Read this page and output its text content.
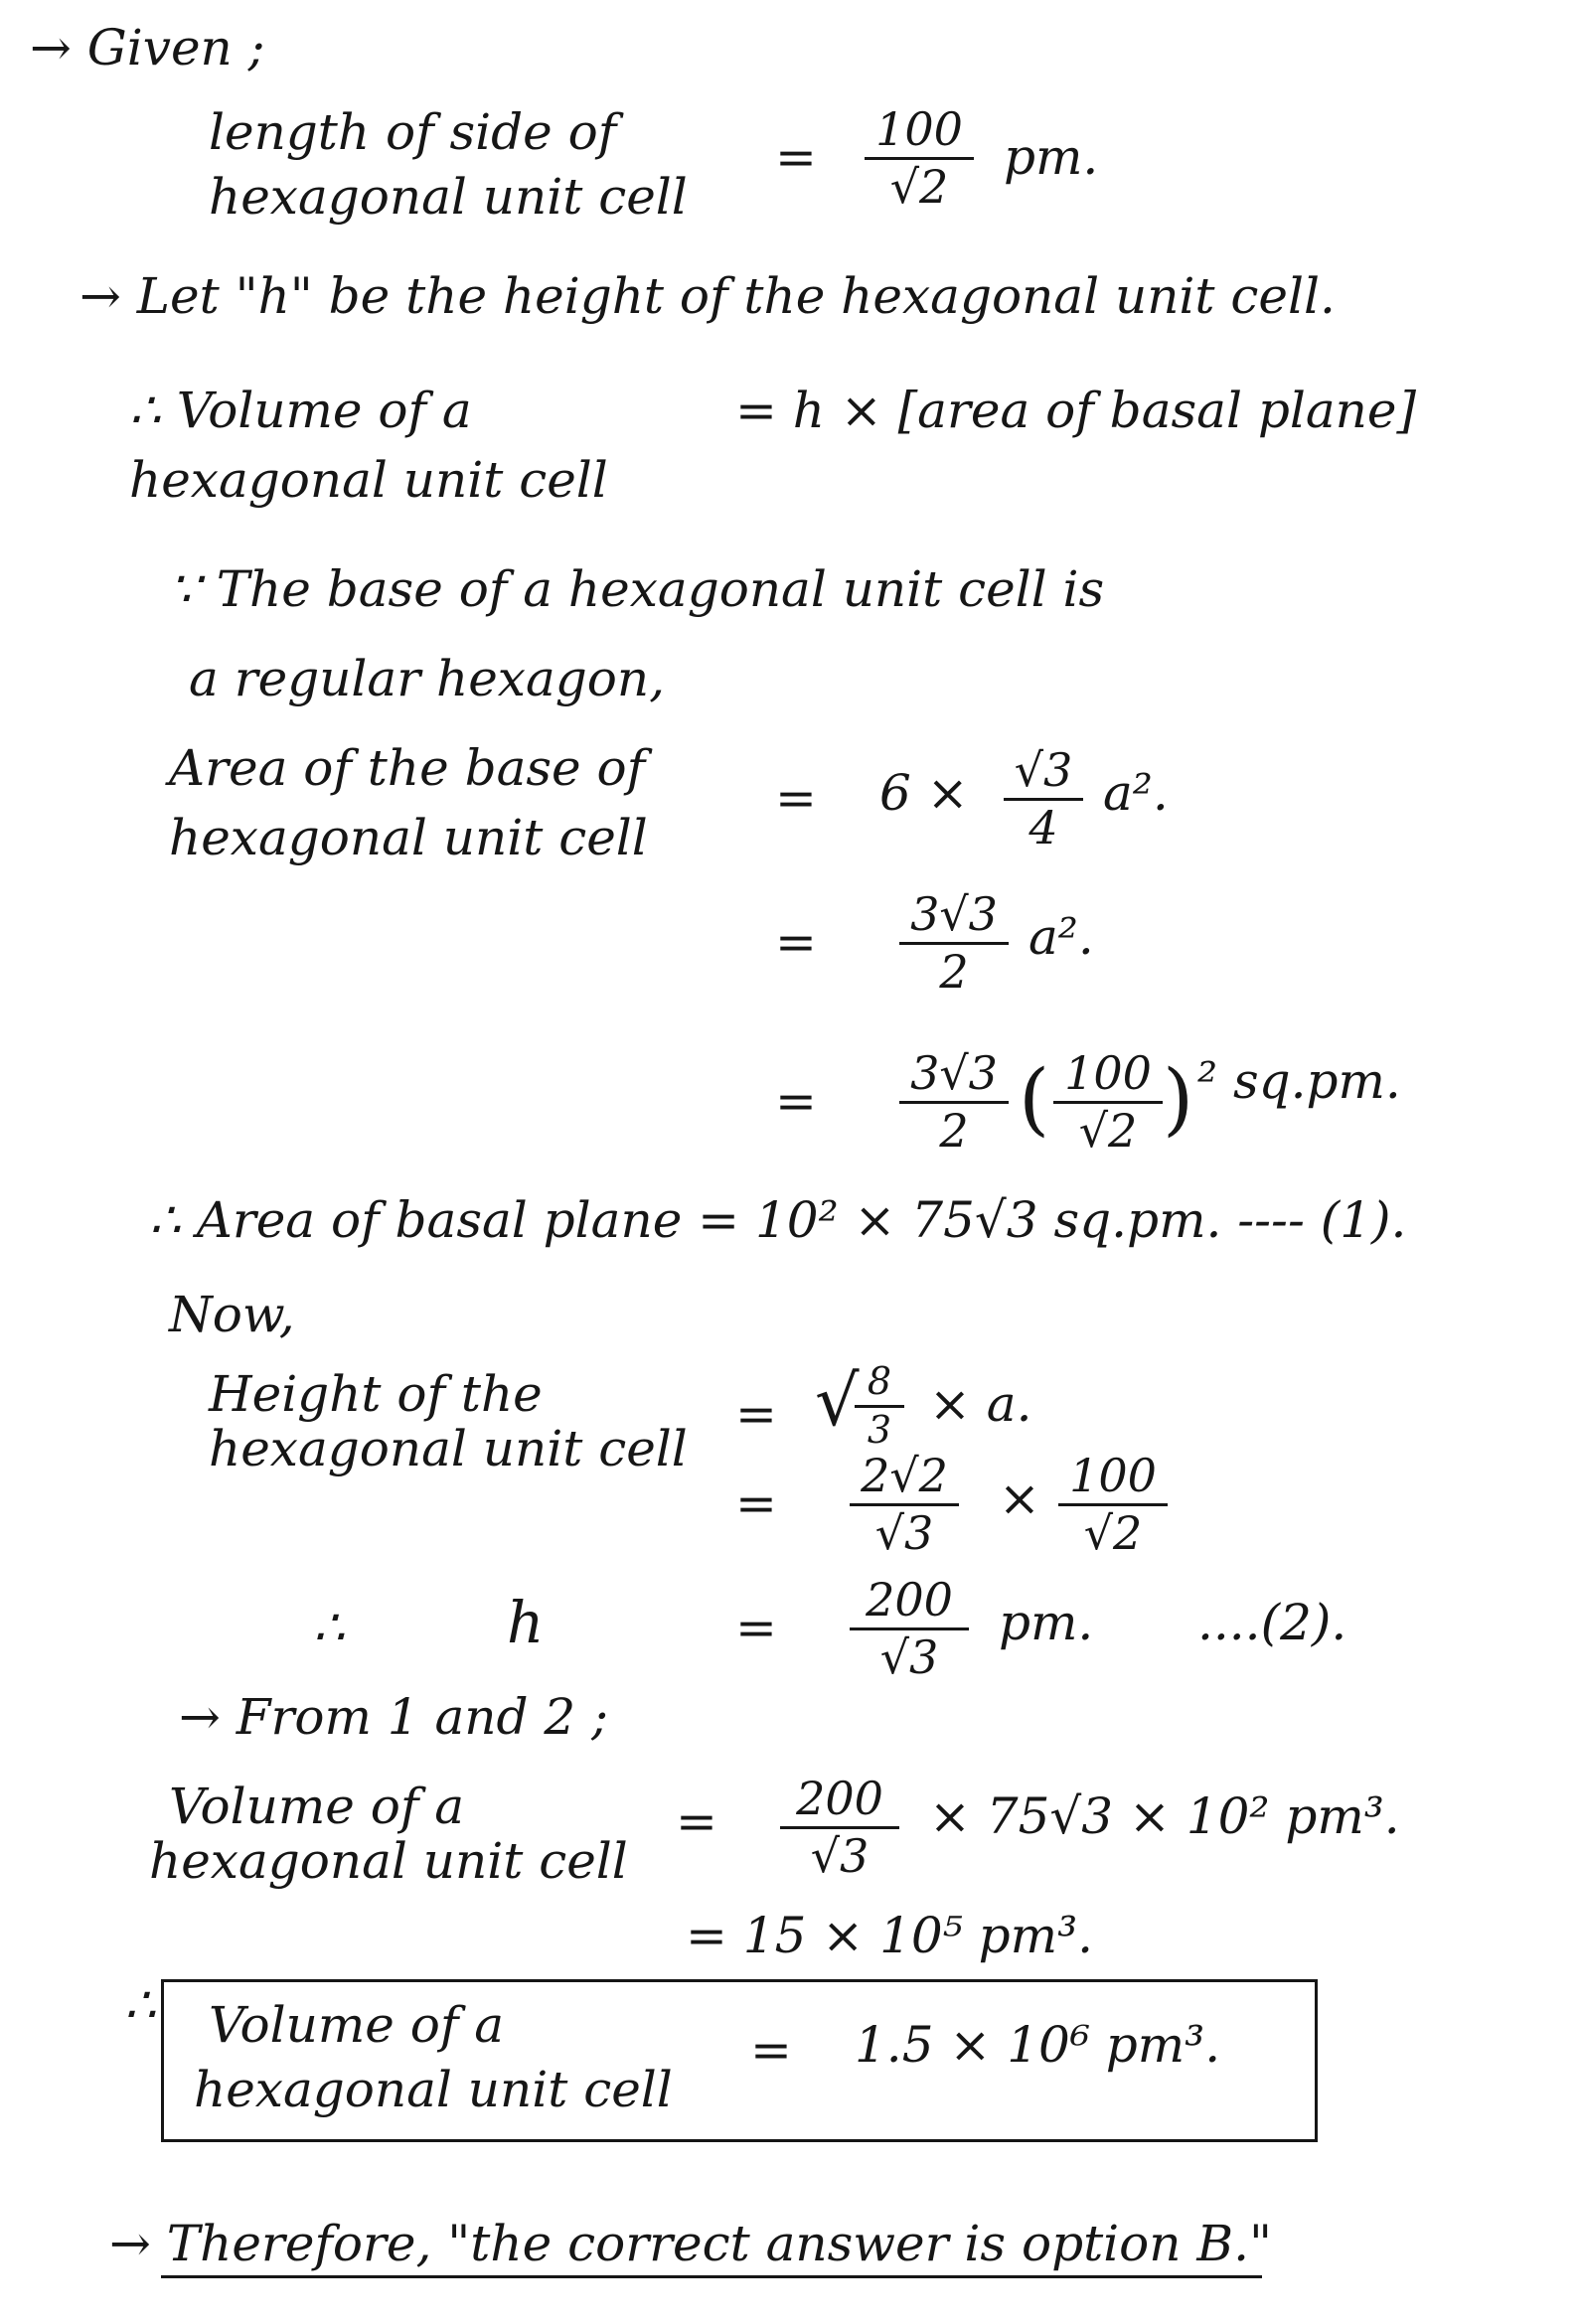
→ Given ;
length of side of
hexagonal unit cell
= 100
√2
pm.
→ Let "h" be the height of the hexagonal unit cell.
∴ Volume of a
hexagonal unit cell
= h × [area of basal plane]
∵ The base of a hexagonal unit cell is
a regular hexagon,
Area of the base of
hexagonal unit cell
= 6 × √3
4
a².
= 3√3
2
a².
= 3√3
2 ( 100
√2 ) ² sq.pm.
∴ Area of basal plane = 10² × 75√3 sq.pm. ---- (1).
Now,
Height of the
hexagonal unit cell
= √ 8
3 × a.
= 2√2
√3
× 100
√2
∴	h	=	200
√3
pm. ....(2).
→ From 1 and 2 ;
Volume of a
hexagonal unit cell
=	200
√3
× 75√3 × 10² pm³.
= 15 × 10⁵ pm³.
∴ Volume of a
hexagonal unit cell
= 1.5 × 10⁶ pm³.
→ Therefore, "the correct answer is option B."
